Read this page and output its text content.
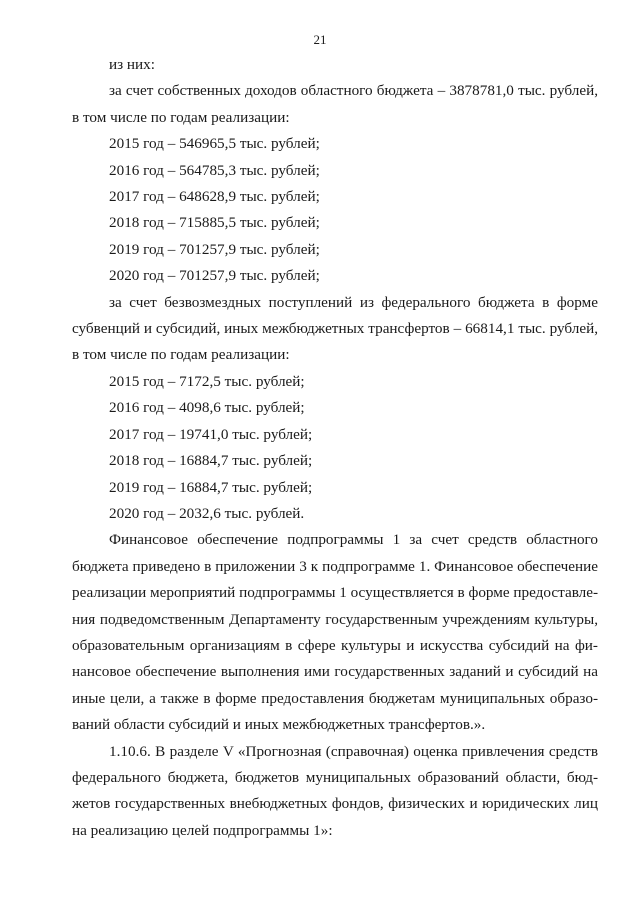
21
из них:
за счет собственных доходов областного бюджета – 3878781,0 тыс. рублей,
в том числе по годам реализации:
2015 год – 546965,5 тыс. рублей;
2016 год – 564785,3 тыс. рублей;
2017 год – 648628,9 тыс. рублей;
2018 год – 715885,5 тыс. рублей;
2019 год – 701257,9 тыс. рублей;
2020 год – 701257,9 тыс. рублей;
за счет безвозмездных поступлений из федерального бюджета в форме
субвенций и субсидий, иных межбюджетных трансфертов – 66814,1 тыс. рублей,
в том числе по годам реализации:
2015 год – 7172,5 тыс. рублей;
2016 год – 4098,6 тыс. рублей;
2017 год – 19741,0 тыс. рублей;
2018 год – 16884,7 тыс. рублей;
2019 год – 16884,7 тыс. рублей;
2020 год – 2032,6 тыс. рублей.
Финансовое обеспечение подпрограммы 1 за счет средств областного
бюджета приведено в приложении 3 к подпрограмме 1. Финансовое обеспечение
реализации мероприятий подпрограммы 1 осуществляется в форме предоставле-
ния подведомственным Департаменту государственным учреждениям культуры,
образовательным организациям в сфере культуры и искусства субсидий на фи-
нансовое обеспечение выполнения ими государственных заданий и субсидий на
иные цели, а также в форме предоставления бюджетам муниципальных образо-
ваний области субсидий и иных межбюджетных трансфертов.».
1.10.6. В разделе V «Прогнозная (справочная) оценка привлечения средств
федерального бюджета, бюджетов муниципальных образований области, бюд-
жетов государственных внебюджетных фондов, физических и юридических лиц
на реализацию целей подпрограммы 1»:
